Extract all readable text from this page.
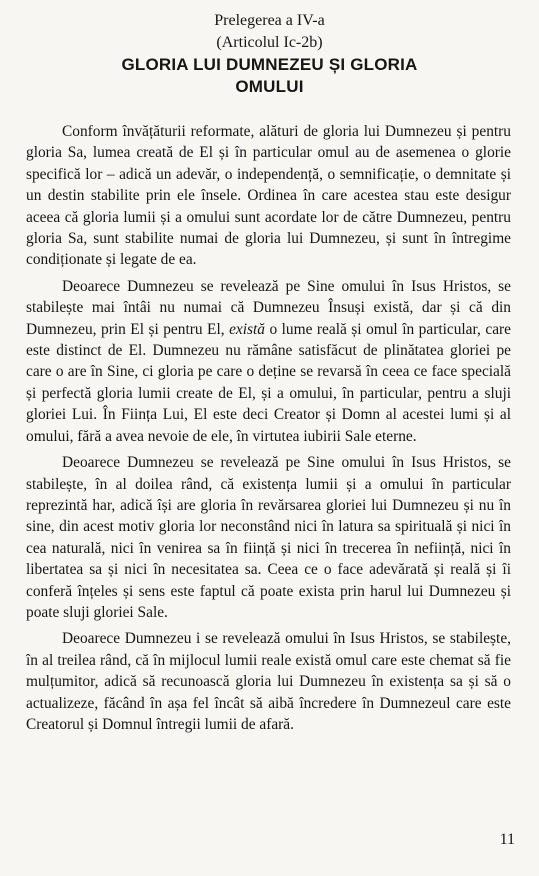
Prelegerea a IV-a
(Articolul Ic-2b)
GLORIA LUI DUMNEZEU ȘI GLORIA
OMULUI

Conform învățăturii reformate, alături de gloria lui Dumnezeu și pentru gloria Sa, lumea creată de El și în particular omul au de asemenea o glorie specifică lor – adică un adevăr, o independență, o semnificație, o demnitate și un destin stabilite prin ele însele. Ordinea în care acestea stau este desigur aceea că gloria lumii și a omului sunt acordate lor de către Dumnezeu, pentru gloria Sa, sunt stabilite numai de gloria lui Dumnezeu, și sunt în întregime condiționate și legate de ea.

Deoarece Dumnezeu se revelează pe Sine omului în Isus Hristos, se stabilește mai întâi nu numai că Dumnezeu Însuși există, dar și că din Dumnezeu, prin El și pentru El, există o lume reală și omul în particular, care este distinct de El. Dumnezeu nu rămâne satisfăcut de plinătatea gloriei pe care o are în Sine, ci gloria pe care o deține se revarsă în ceea ce face specială și perfectă gloria lumii create de El, și a omului, în particular, pentru a sluji gloriei Lui. În Ființa Lui, El este deci Creator și Domn al acestei lumi și al omului, fără a avea nevoie de ele, în virtutea iubirii Sale eterne.

Deoarece Dumnezeu se revelează pe Sine omului în Isus Hristos, se stabilește, în al doilea rând, că existența lumii și a omului în particular reprezintă har, adică își are gloria în revărsarea gloriei lui Dumnezeu și nu în sine, din acest motiv gloria lor neconstând nici în latura sa spirituală și nici în cea naturală, nici în venirea sa în ființă și nici în trecerea în neființă, nici în libertatea sa și nici în necesitatea sa. Ceea ce o face adevărată și reală și îi conferă înțeles și sens este faptul că poate exista prin harul lui Dumnezeu și poate sluji gloriei Sale.

Deoarece Dumnezeu i se revelează omului în Isus Hristos, se stabilește, în al treilea rând, că în mijlocul lumii reale există omul care este chemat să fie mulțumitor, adică să recunoască gloria lui Dumnezeu în existența sa și să o actualizeze, făcând în așa fel încât să aibă încredere în Dumnezeul care este Creatorul și Domnul întregii lumii de afară.

11
